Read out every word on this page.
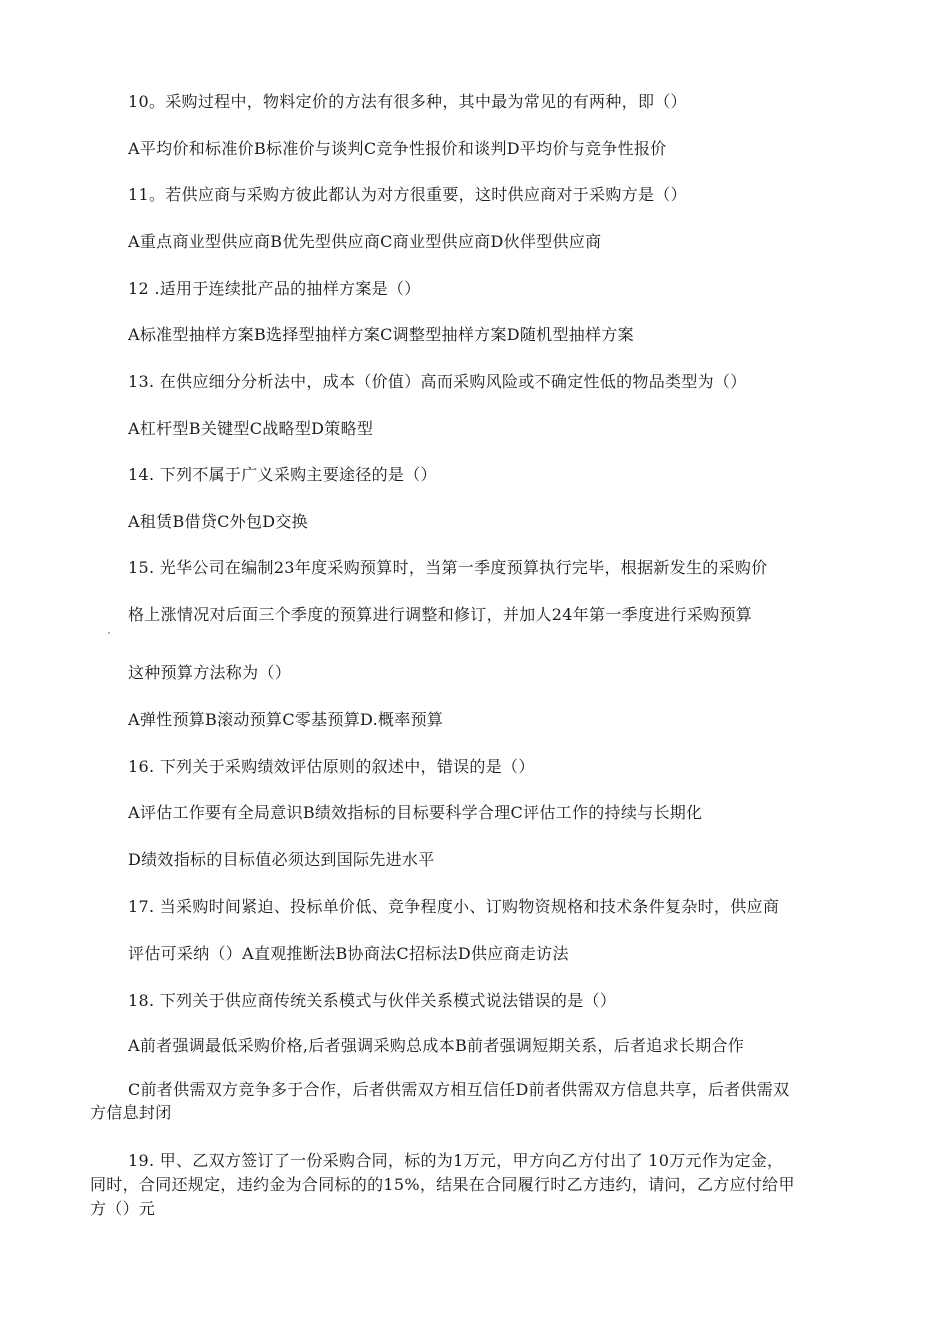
10。采购过程中，物料定价的方法有很多种，其中最为常见的有两种，即（）
A平均价和标准价B标准价与谈判C竞争性报价和谈判D平均价与竞争性报价
11。若供应商与采购方彼此都认为对方很重要，这时供应商对于采购方是（）
A重点商业型供应商B优先型供应商C商业型供应商D伙伴型供应商
12 .适用于连续批产品的抽样方案是（）
A标准型抽样方案B选择型抽样方案C调整型抽样方案D随机型抽样方案
13. 在供应细分分析法中，成本（价值）高而采购风险或不确定性低的物品类型为（）
A杠杆型B关键型C战略型D策略型
14. 下列不属于广义采购主要途径的是（）
A租赁B借贷C外包D交换
15. 光华公司在编制23年度采购预算时，当第一季度预算执行完毕，根据新发生的采购价
格上涨情况对后面三个季度的预算进行调整和修订，并加人24年第一季度进行采购预算
这种预算方法称为（）
A弹性预算B滚动预算C零基预算D.概率预算
16. 下列关于采购绩效评估原则的叙述中，错误的是（）
A评估工作要有全局意识B绩效指标的目标要科学合理C评估工作的持续与长期化
D绩效指标的目标值必须达到国际先进水平
17. 当采购时间紧迫、投标单价低、竞争程度小、订购物资规格和技术条件复杂时，供应商
评估可采纳（）A直观推断法B协商法C招标法D供应商走访法
18. 下列关于供应商传统关系模式与伙伴关系模式说法错误的是（）
A前者强调最低采购价格,后者强调采购总成本B前者强调短期关系，后者追求长期合作
C前者供需双方竞争多于合作，后者供需双方相互信任D前者供需双方信息共享，后者供需双
方信息封闭
19. 甲、乙双方签订了一份采购合同，标的为1万元，甲方向乙方付出了 10万元作为定金，
同时，合同还规定，违约金为合同标的的15%，结果在合同履行时乙方违约，请问，乙方应付给甲
方（）元
